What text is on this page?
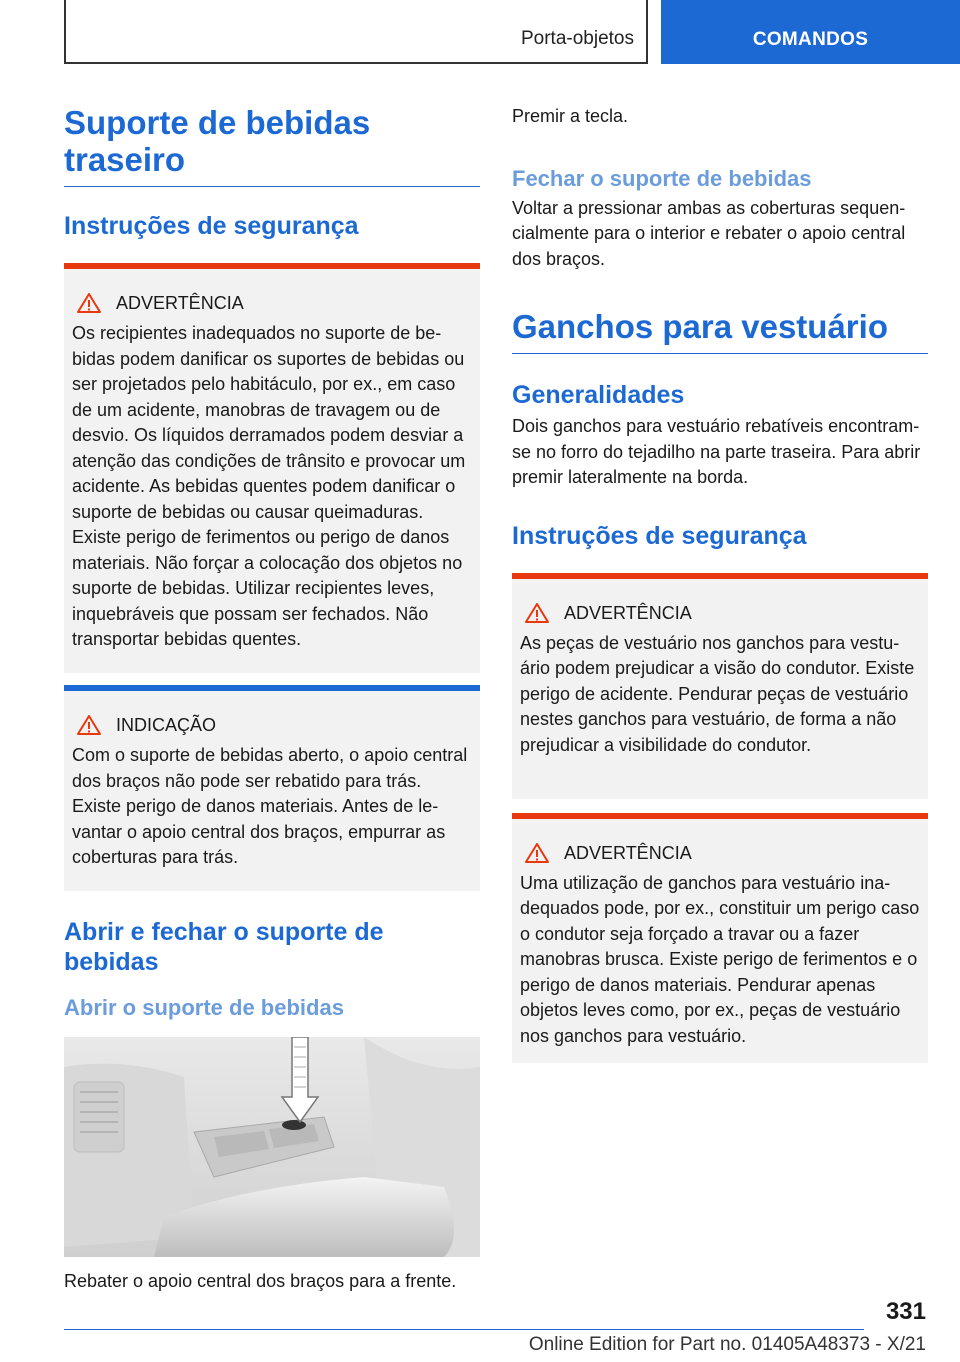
Porta-objetos	COMANDOS
Suporte de bebidas traseiro
Instruções de segurança
ADVERTÊNCIA

Os recipientes inadequados no suporte de bebidas podem danificar os suportes de bebidas ou ser projetados pelo habitáculo, por ex., em caso de um acidente, manobras de travagem ou de desvio. Os líquidos derramados podem desviar a atenção das condições de trânsito e provocar um acidente. As bebidas quentes podem danificar o suporte de bebidas ou causar queimaduras. Existe perigo de ferimentos ou perigo de danos materiais. Não forçar a colocação dos objetos no suporte de bebidas. Utilizar recipientes leves, inquebráveis que possam ser fechados. Não transportar bebidas quentes.

INDICAÇÃO

Com o suporte de bebidas aberto, o apoio central dos braços não pode ser rebatido para trás. Existe perigo de danos materiais. Antes de levantar o apoio central dos braços, empurrar as coberturas para trás.

Abrir e fechar o suporte de bebidas
Abrir o suporte de bebidas

Rebater o apoio central dos braços para a frente.

Premir a tecla.

Fechar o suporte de bebidas

Voltar a pressionar ambas as coberturas sequencialmente para o interior e rebater o apoio central dos braços.

Ganchos para vestuário
Generalidades

Dois ganchos para vestuário rebatíveis encontram-se no forro do tejadilho na parte traseira. Para abrir premir lateralmente na borda.

Instruções de segurança
ADVERTÊNCIA

As peças de vestuário nos ganchos para vestuário podem prejudicar a visão do condutor. Existe perigo de acidente. Pendurar peças de vestuário nestes ganchos para vestuário, de forma a não prejudicar a visibilidade do condutor.

ADVERTÊNCIA

Uma utilização de ganchos para vestuário inadequados pode, por ex., constituir um perigo caso o condutor seja forçado a travar ou a fazer manobras brusca. Existe perigo de ferimentos e o perigo de danos materiais. Pendurar apenas objetos leves como, por ex., peças de vestuário nos ganchos para vestuário.

331
Online Edition for Part no. 01405A48373 - X/21
